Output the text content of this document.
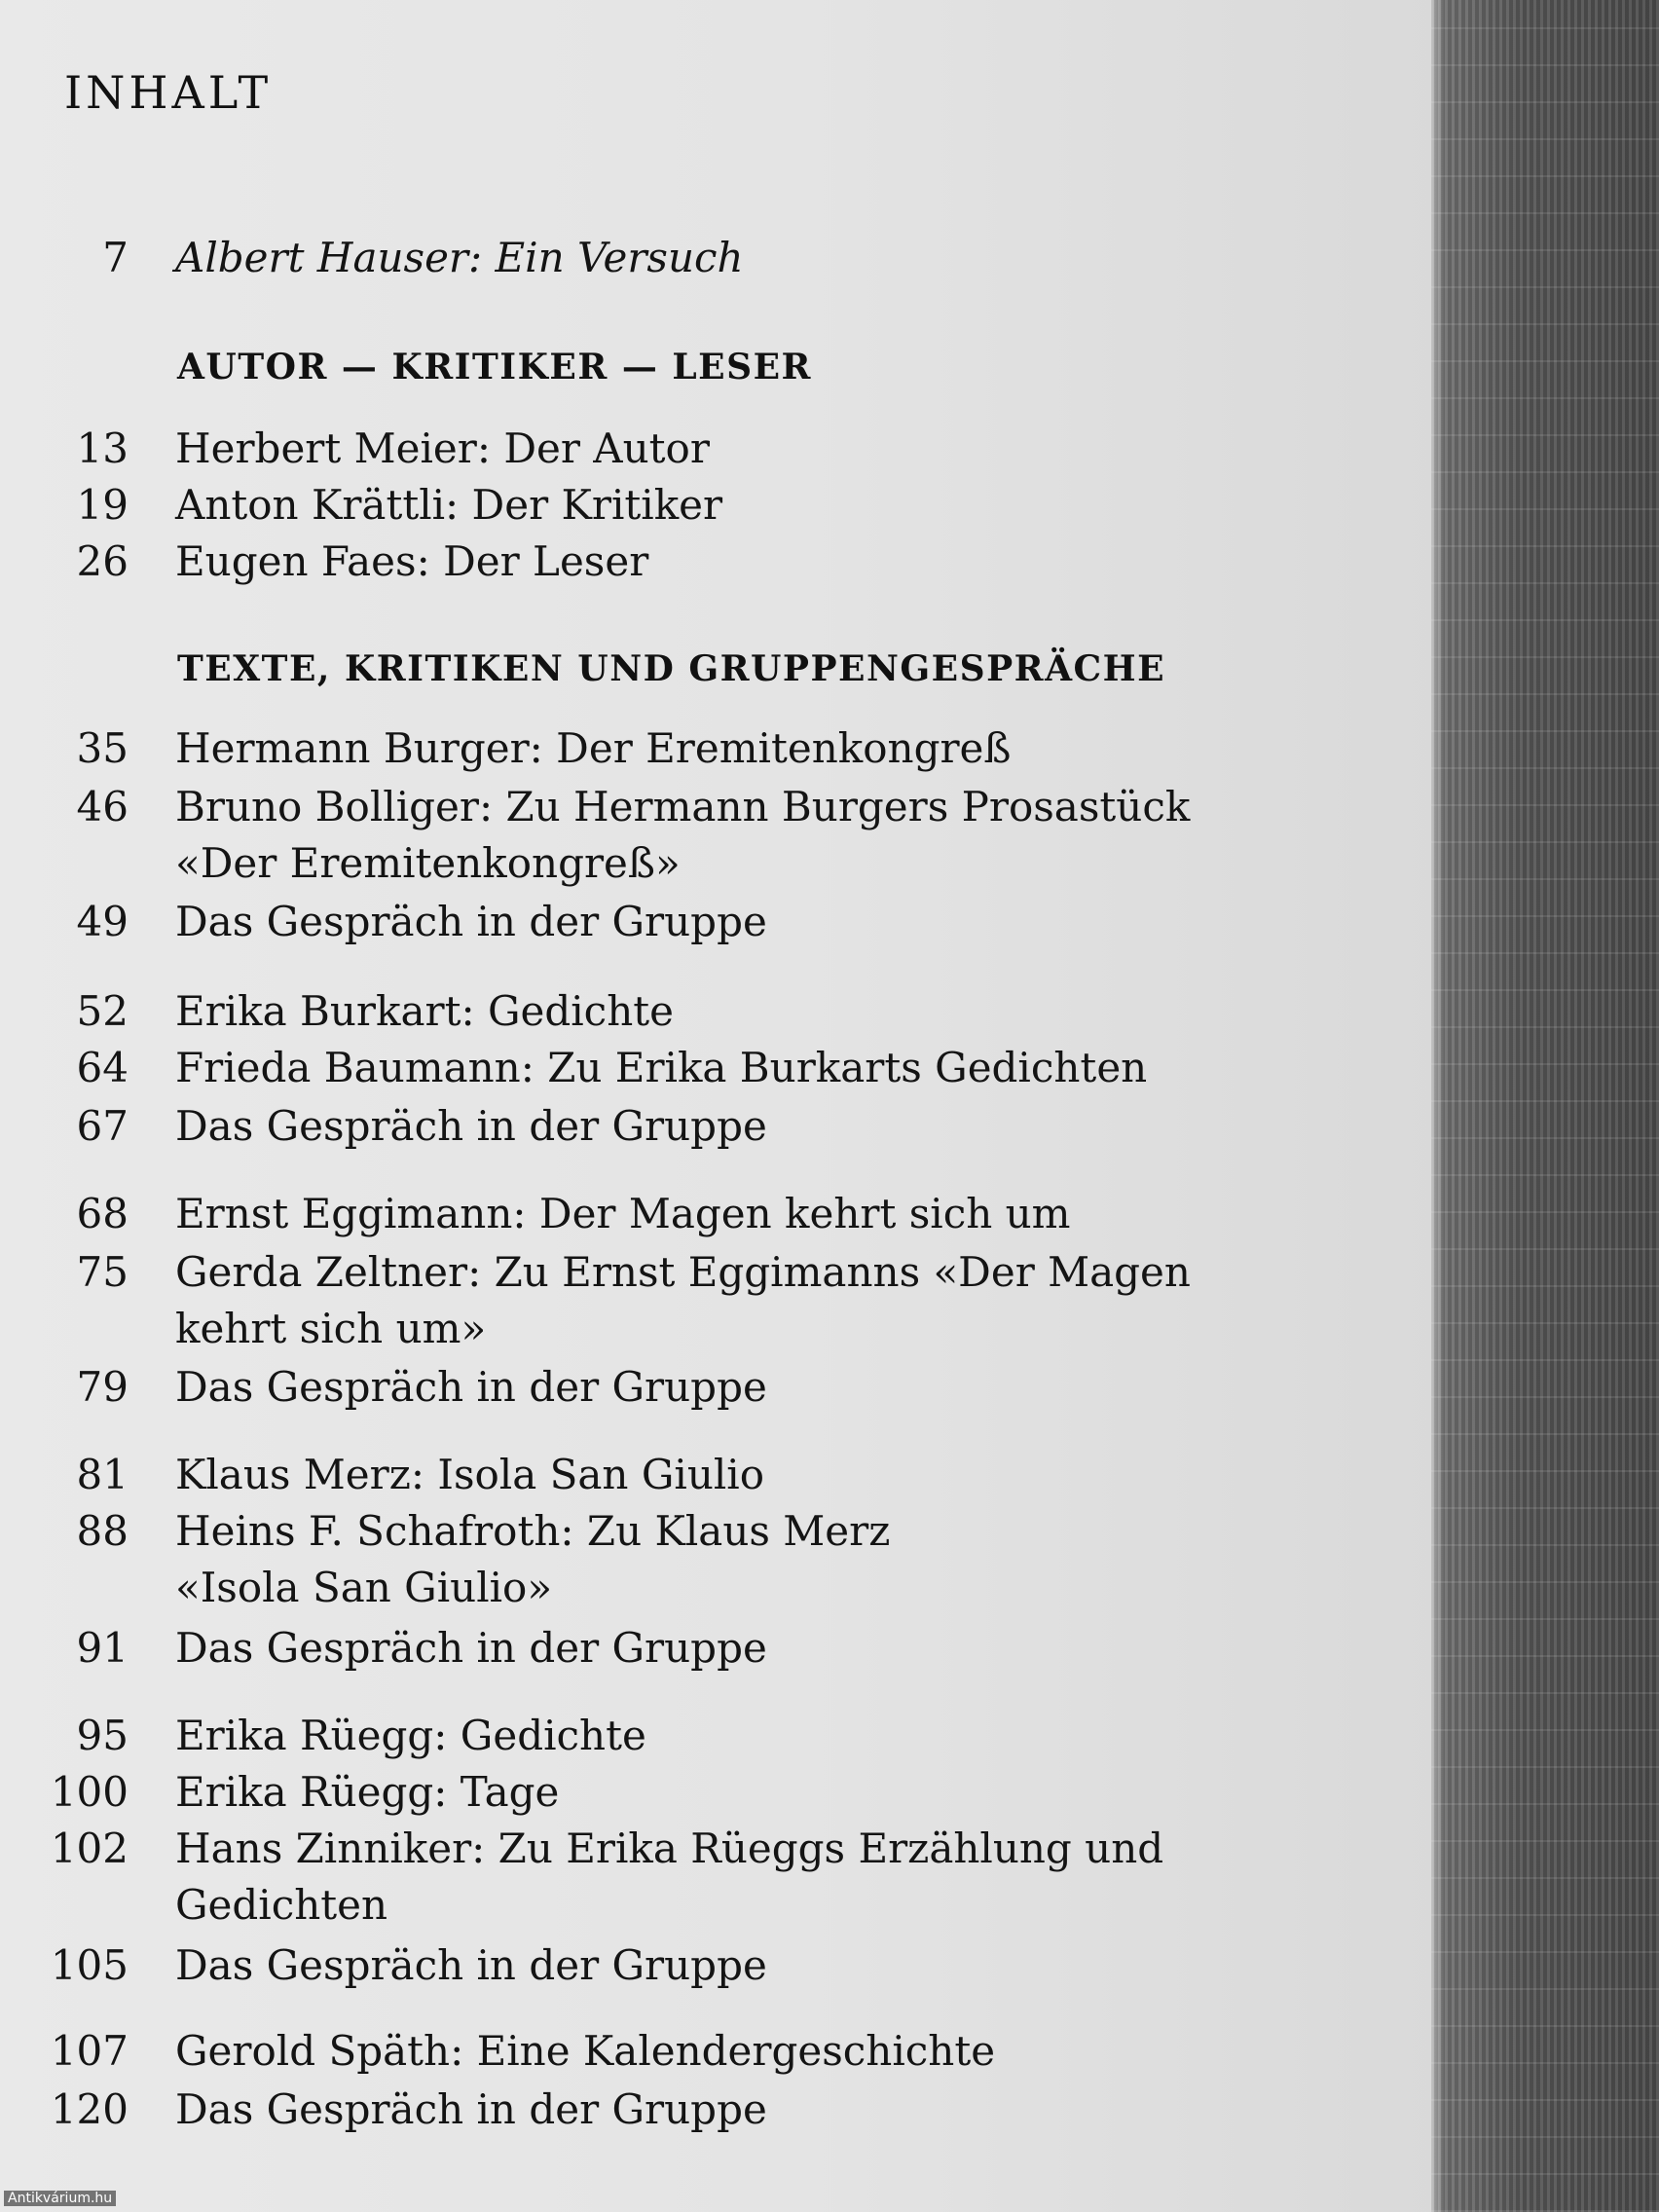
INHALT
7 Albert Hauser: Ein Versuch
AUTOR — KRITIKER — LESER
13 Herbert Meier: Der Autor
19 Anton Krättli: Der Kritiker
26 Eugen Faes: Der Leser
TEXTE, KRITIKEN UND GRUPPENGESPRÄCHE
35 Hermann Burger: Der Eremitenkongreß
46 Bruno Bolliger: Zu Hermann Burgers Prosastück
«Der Eremitenkongreß»
49 Das Gespräch in der Gruppe
52 Erika Burkart: Gedichte
64 Frieda Baumann: Zu Erika Burkarts Gedichten
67 Das Gespräch in der Gruppe
68 Ernst Eggimann: Der Magen kehrt sich um
75 Gerda Zeltner: Zu Ernst Eggimanns «Der Magen
kehrt sich um»
79 Das Gespräch in der Gruppe
81 Klaus Merz: Isola San Giulio
88 Heins F. Schafroth: Zu Klaus Merz
«Isola San Giulio»
91 Das Gespräch in der Gruppe
95 Erika Rüegg: Gedichte
100 Erika Rüegg: Tage
102 Hans Zinniker: Zu Erika Rüeggs Erzählung und
Gedichten
105 Das Gespräch in der Gruppe
107 Gerold Späth: Eine Kalendergeschichte
120 Das Gespräch in der Gruppe
Antikvárium.hu
